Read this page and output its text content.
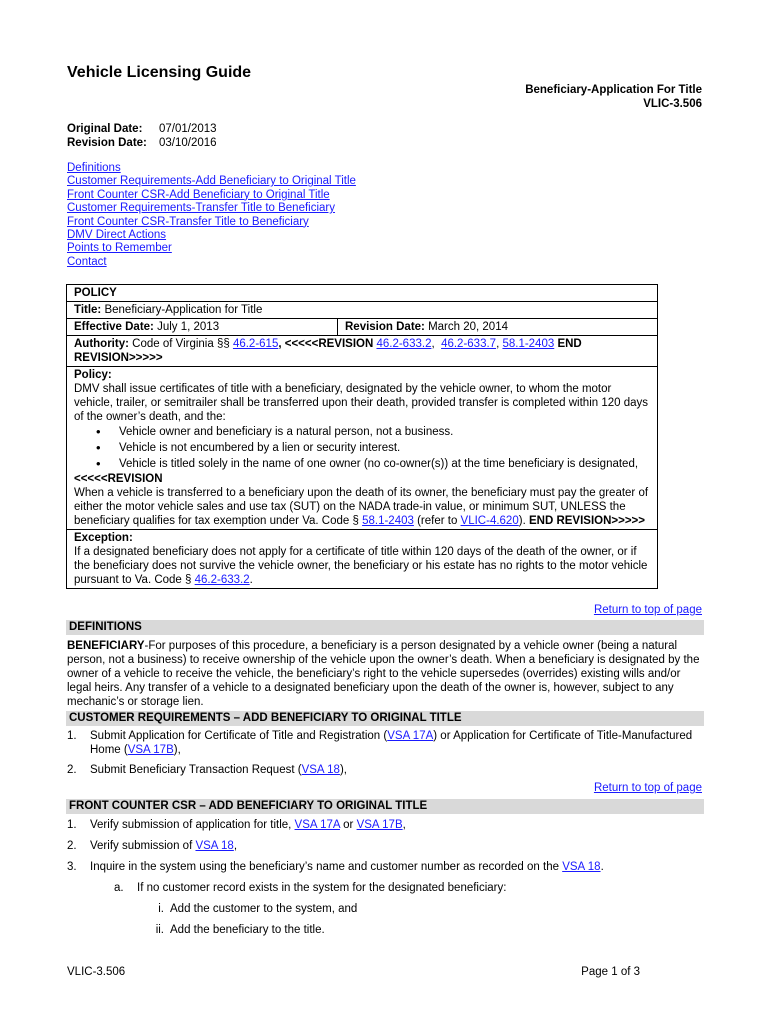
Vehicle Licensing Guide
Beneficiary-Application For Title
VLIC-3.506
Original Date: 07/01/2013
Revision Date: 03/10/2016
Definitions
Customer Requirements-Add Beneficiary to Original Title
Front Counter CSR-Add Beneficiary to Original Title
Customer Requirements-Transfer Title to Beneficiary
Front Counter CSR-Transfer Title to Beneficiary
DMV Direct Actions
Points to Remember
Contact
POLICY
Title: Beneficiary-Application for Title
Effective Date: July 1, 2013	Revision Date: March 20, 2014
Authority: Code of Virginia §§ 46.2-615, <<<<<REVISION 46.2-633.2,  46.2-633.7, 58.1-2403 END REVISION>>>>>
Policy:
DMV shall issue certificates of title with a beneficiary, designated by the vehicle owner, to whom the motor vehicle, trailer, or semitrailer shall be transferred upon their death, provided transfer is completed within 120 days of the owner’s death, and the:
• Vehicle owner and beneficiary is a natural person, not a business.
• Vehicle is not encumbered by a lien or security interest.
• Vehicle is titled solely in the name of one owner (no co-owner(s)) at the time beneficiary is designated,
<<<<<REVISION
When a vehicle is transferred to a beneficiary upon the death of its owner, the beneficiary must pay the greater of either the motor vehicle sales and use tax (SUT) on the NADA trade-in value, or minimum SUT, UNLESS the beneficiary qualifies for tax exemption under Va. Code § 58.1-2403 (refer to VLIC-4.620). END REVISION>>>>>
Exception:
If a designated beneficiary does not apply for a certificate of title within 120 days of the death of the owner, or if the beneficiary does not survive the vehicle owner, the beneficiary or his estate has no rights to the motor vehicle pursuant to Va. Code § 46.2-633.2.
Return to top of page
DEFINITIONS
BENEFICIARY-For purposes of this procedure, a beneficiary is a person designated by a vehicle owner (being a natural person, not a business) to receive ownership of the vehicle upon the owner’s death. When a beneficiary is designated by the owner of a vehicle to receive the vehicle, the beneficiary’s right to the vehicle supersedes (overrides) existing wills and/or legal heirs. Any transfer of a vehicle to a designated beneficiary upon the death of the owner is, however, subject to any mechanic’s or storage lien.
CUSTOMER REQUIREMENTS – ADD BENEFICIARY TO ORIGINAL TITLE
1. Submit Application for Certificate of Title and Registration (VSA 17A) or Application for Certificate of Title-Manufactured Home (VSA 17B),
2. Submit Beneficiary Transaction Request (VSA 18),
Return to top of page
FRONT COUNTER CSR – ADD BENEFICIARY TO ORIGINAL TITLE
1. Verify submission of application for title, VSA 17A or VSA 17B,
2. Verify submission of VSA 18,
3. Inquire in the system using the beneficiary’s name and customer number as recorded on the VSA 18.
a. If no customer record exists in the system for the designated beneficiary:
i. Add the customer to the system, and
ii. Add the beneficiary to the title.
VLIC-3.506	Page 1 of 3
